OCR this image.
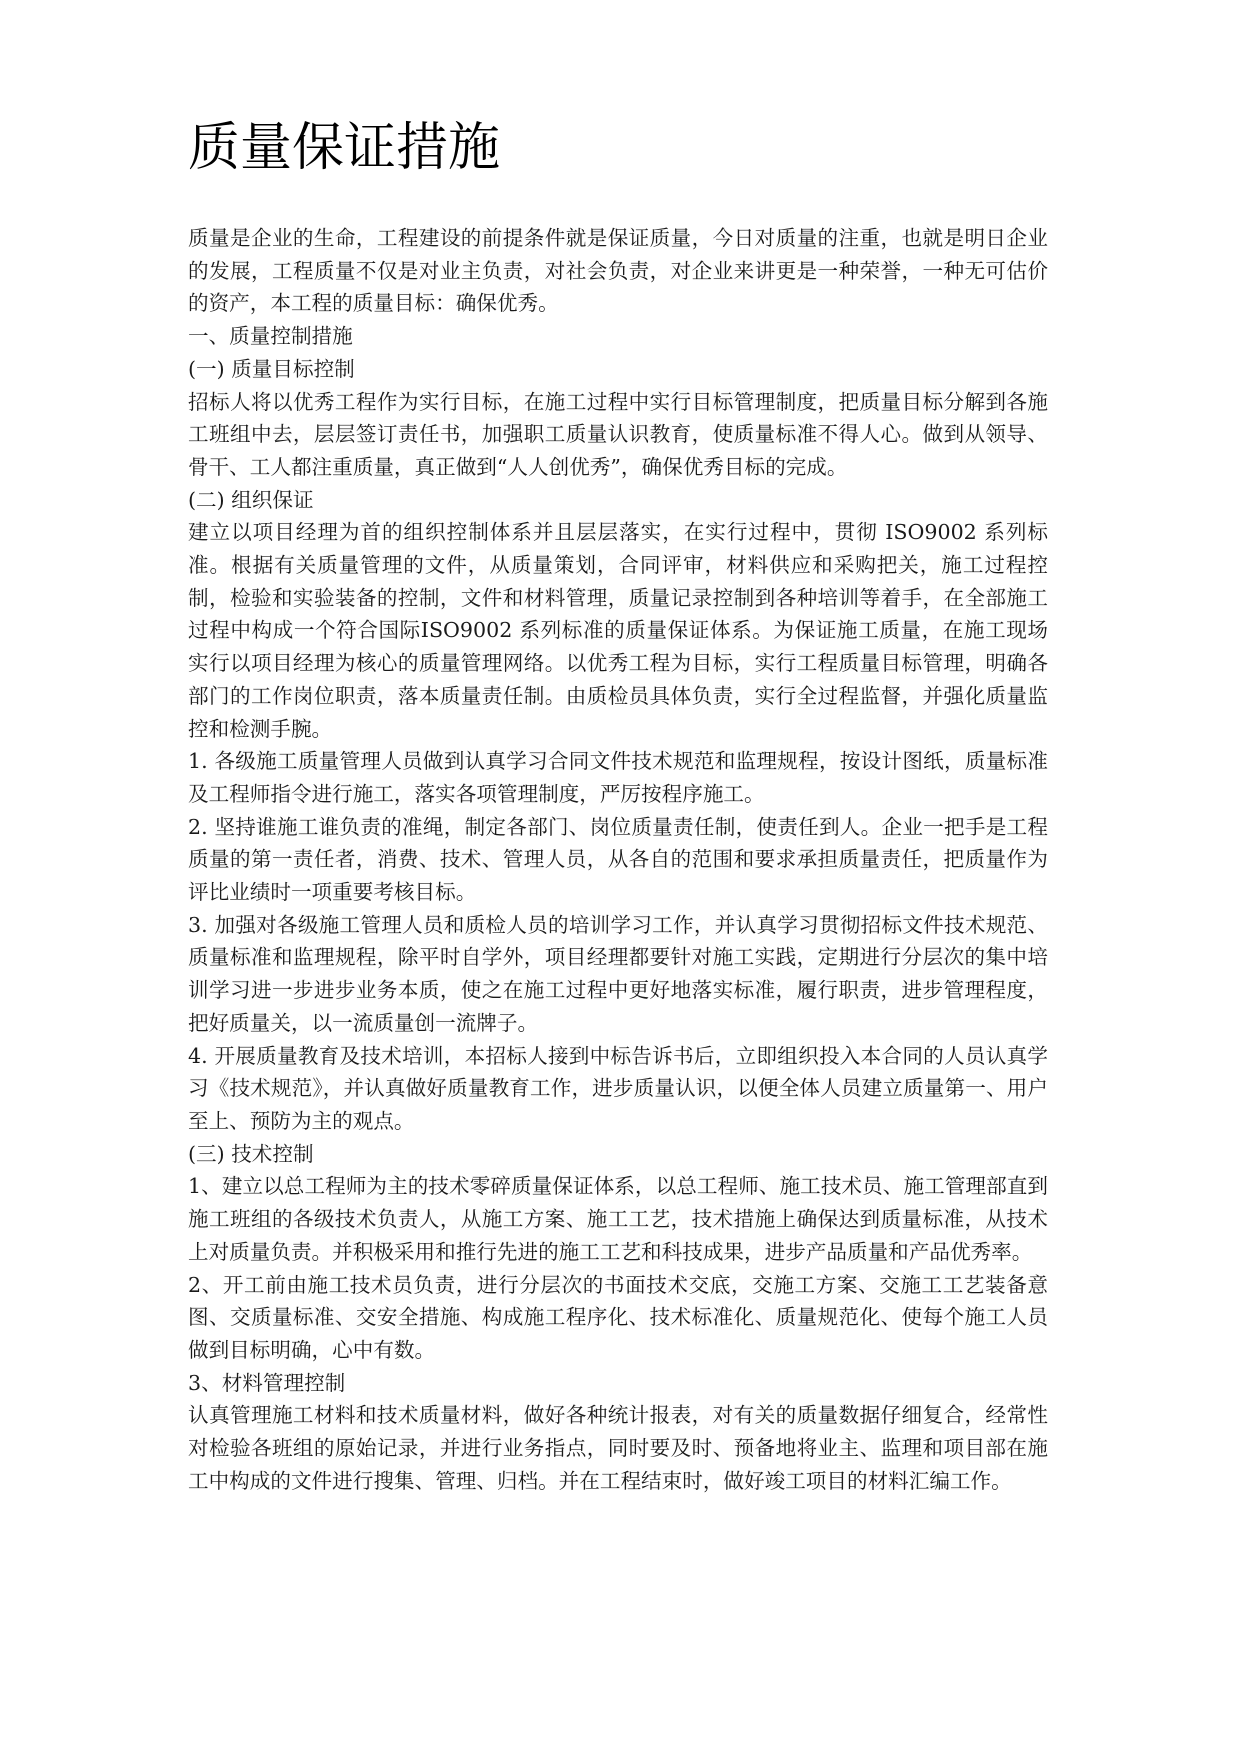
质量保证措施

质量是企业的生命，工程建设的前提条件就是保证质量，今日对质量的注重，也就是明日企业的发展，工程质量不仅是对业主负责，对社会负责，对企业来讲更是一种荣誉，一种无可估价的资产，本工程的质量目标：确保优秀。

一、质量控制措施

(一) 质量目标控制

招标人将以优秀工程作为实行目标，在施工过程中实行目标管理制度，把质量目标分解到各施工班组中去，层层签订责任书，加强职工质量认识教育，使质量标准不得人心。做到从领导、骨干、工人都注重质量，真正做到“人人创优秀”，确保优秀目标的完成。

(二) 组织保证

建立以项目经理为首的组织控制体系并且层层落实，在实行过程中，贯彻 ISO9002 系列标准。根据有关质量管理的文件，从质量策划，合同评审，材料供应和采购把关，施工过程控制，检验和实验装备的控制，文件和材料管理，质量记录控制到各种培训等着手，在全部施工过程中构成一个符合国际ISO9002 系列标准的质量保证体系。为保证施工质量，在施工现场实行以项目经理为核心的质量管理网络。以优秀工程为目标，实行工程质量目标管理，明确各部门的工作岗位职责，落本质量责任制。由质检员具体负责，实行全过程监督，并强化质量监控和检测手腕。

1. 各级施工质量管理人员做到认真学习合同文件技术规范和监理规程，按设计图纸，质量标准及工程师指令进行施工，落实各项管理制度，严厉按程序施工。

2. 坚持谁施工谁负责的准绳，制定各部门、岗位质量责任制，使责任到人。企业一把手是工程质量的第一责任者，消费、技术、管理人员，从各自的范围和要求承担质量责任，把质量作为评比业绩时一项重要考核目标。

3. 加强对各级施工管理人员和质检人员的培训学习工作，并认真学习贯彻招标文件技术规范、质量标准和监理规程，除平时自学外，项目经理都要针对施工实践，定期进行分层次的集中培训学习进一步进步业务本质，使之在施工过程中更好地落实标准，履行职责，进步管理程度，把好质量关，以一流质量创一流牌子。

4. 开展质量教育及技术培训，本招标人接到中标告诉书后，立即组织投入本合同的人员认真学习《技术规范》，并认真做好质量教育工作，进步质量认识，以便全体人员建立质量第一、用户至上、预防为主的观点。

(三) 技术控制

1、建立以总工程师为主的技术零碎质量保证体系，以总工程师、施工技术员、施工管理部直到施工班组的各级技术负责人，从施工方案、施工工艺，技术措施上确保达到质量标准，从技术上对质量负责。并积极采用和推行先进的施工工艺和科技成果，进步产品质量和产品优秀率。

2、开工前由施工技术员负责，进行分层次的书面技术交底，交施工方案、交施工工艺装备意图、交质量标准、交安全措施、构成施工程序化、技术标准化、质量规范化、使每个施工人员做到目标明确，心中有数。

3、材料管理控制

认真管理施工材料和技术质量材料，做好各种统计报表，对有关的质量数据仔细复合，经常性对检验各班组的原始记录，并进行业务指点，同时要及时、预备地将业主、监理和项目部在施工中构成的文件进行搜集、管理、归档。并在工程结束时，做好竣工项目的材料汇编工作。
